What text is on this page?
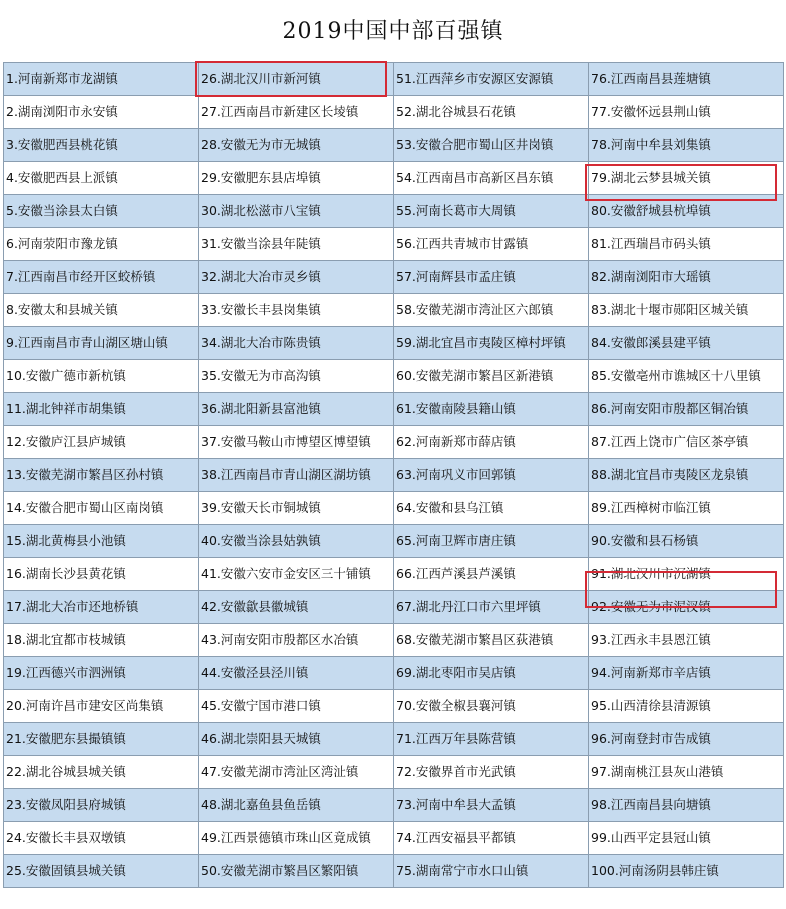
2019中国中部百强镇
1.河南新郑市龙湖镇	26.湖北汉川市新河镇	51.江西萍乡市安源区安源镇	76.江西南昌县莲塘镇
2.湖南浏阳市永安镇	27.江西南昌市新建区长堎镇	52.湖北谷城县石花镇	77.安徽怀远县荆山镇
3.安徽肥西县桃花镇	28.安徽无为市无城镇	53.安徽合肥市蜀山区井岗镇	78.河南中牟县刘集镇
4.安徽肥西县上派镇	29.安徽肥东县店埠镇	54.江西南昌市高新区昌东镇	79.湖北云梦县城关镇
5.安徽当涂县太白镇	30.湖北松滋市八宝镇	55.河南长葛市大周镇	80.安徽舒城县杭埠镇
6.河南荥阳市豫龙镇	31.安徽当涂县年陡镇	56.江西共青城市甘露镇	81.江西瑞昌市码头镇
7.江西南昌市经开区蛟桥镇	32.湖北大冶市灵乡镇	57.河南辉县市孟庄镇	82.湖南浏阳市大瑶镇
8.安徽太和县城关镇	33.安徽长丰县岗集镇	58.安徽芜湖市湾沚区六郎镇	83.湖北十堰市郧阳区城关镇
9.江西南昌市青山湖区塘山镇	34.湖北大冶市陈贵镇	59.湖北宜昌市夷陵区樟村坪镇	84.安徽郎溪县建平镇
10.安徽广德市新杭镇	35.安徽无为市高沟镇	60.安徽芜湖市繁昌区新港镇	85.安徽亳州市谯城区十八里镇
11.湖北钟祥市胡集镇	36.湖北阳新县富池镇	61.安徽南陵县籍山镇	86.河南安阳市殷都区铜冶镇
12.安徽庐江县庐城镇	37.安徽马鞍山市博望区博望镇	62.河南新郑市薛店镇	87.江西上饶市广信区茶亭镇
13.安徽芜湖市繁昌区孙村镇	38.江西南昌市青山湖区湖坊镇	63.河南巩义市回郭镇	88.湖北宜昌市夷陵区龙泉镇
14.安徽合肥市蜀山区南岗镇	39.安徽天长市铜城镇	64.安徽和县乌江镇	89.江西樟树市临江镇
15.湖北黄梅县小池镇	40.安徽当涂县姑孰镇	65.河南卫辉市唐庄镇	90.安徽和县石杨镇
16.湖南长沙县黄花镇	41.安徽六安市金安区三十铺镇	66.江西芦溪县芦溪镇	91.湖北汉川市沉湖镇
17.湖北大冶市还地桥镇	42.安徽歙县徽城镇	67.湖北丹江口市六里坪镇	92.安徽无为市泥汊镇
18.湖北宜都市枝城镇	43.河南安阳市殷都区水冶镇	68.安徽芜湖市繁昌区荻港镇	93.江西永丰县恩江镇
19.江西德兴市泗洲镇	44.安徽泾县泾川镇	69.湖北枣阳市吴店镇	94.河南新郑市辛店镇
20.河南许昌市建安区尚集镇	45.安徽宁国市港口镇	70.安徽全椒县襄河镇	95.山西清徐县清源镇
21.安徽肥东县撮镇镇	46.湖北崇阳县天城镇	71.江西万年县陈营镇	96.河南登封市告成镇
22.湖北谷城县城关镇	47.安徽芜湖市湾沚区湾沚镇	72.安徽界首市光武镇	97.湖南桃江县灰山港镇
23.安徽凤阳县府城镇	48.湖北嘉鱼县鱼岳镇	73.河南中牟县大孟镇	98.江西南昌县向塘镇
24.安徽长丰县双墩镇	49.江西景德镇市珠山区竟成镇	74.江西安福县平都镇	99.山西平定县冠山镇
25.安徽固镇县城关镇	50.安徽芜湖市繁昌区繁阳镇	75.湖南常宁市水口山镇	100.河南汤阴县韩庄镇
